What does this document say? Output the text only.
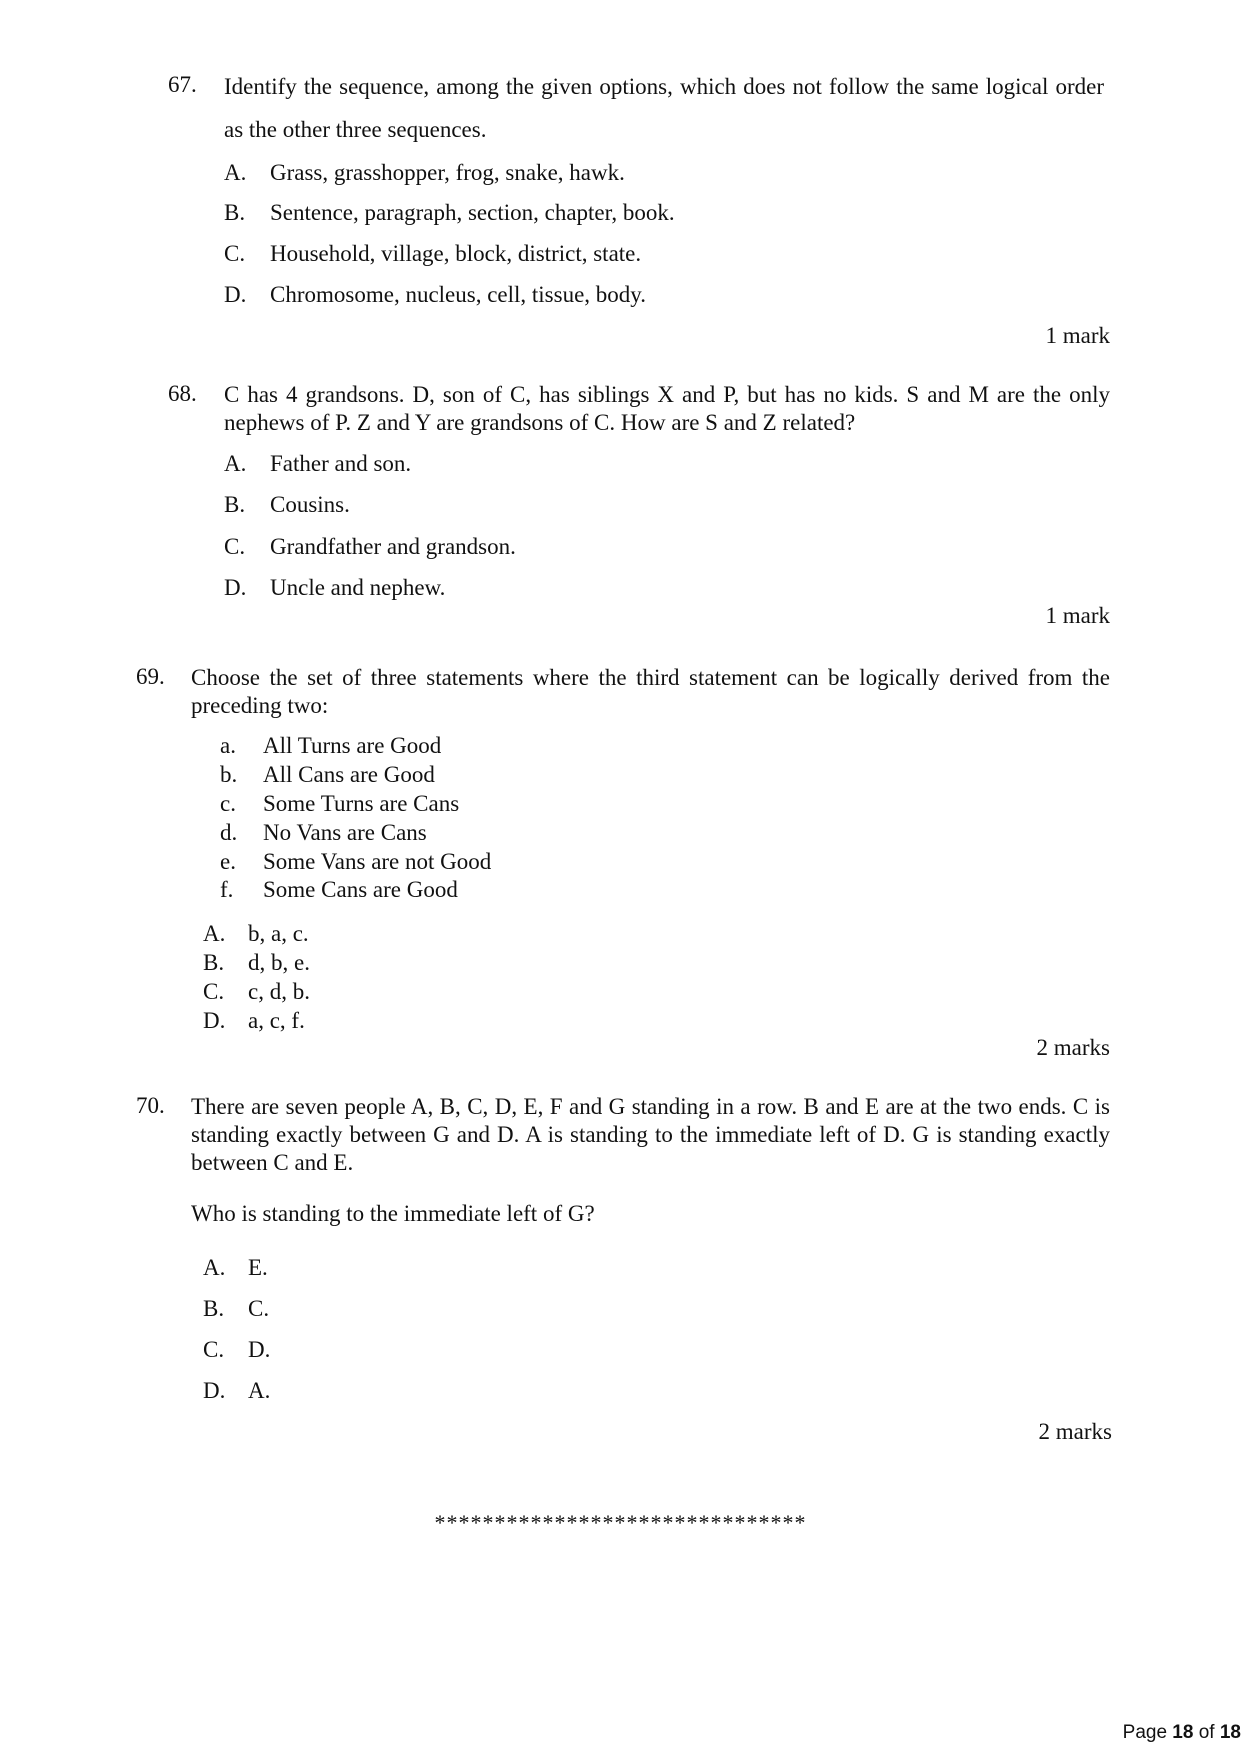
67. Identify the sequence, among the given options, which does not follow the same logical order as the other three sequences.
A. Grass, grasshopper, frog, snake, hawk.
B. Sentence, paragraph, section, chapter, book.
C. Household, village, block, district, state.
D. Chromosome, nucleus, cell, tissue, body.
1 mark
68. C has 4 grandsons. D, son of C, has siblings X and P, but has no kids. S and M are the only nephews of P. Z and Y are grandsons of C. How are S and Z related?
A. Father and son.
B. Cousins.
C. Grandfather and grandson.
D. Uncle and nephew.
1 mark
69. Choose the set of three statements where the third statement can be logically derived from the preceding two:
a. All Turns are Good
b. All Cans are Good
c. Some Turns are Cans
d. No Vans are Cans
e. Some Vans are not Good
f. Some Cans are Good
A. b, a, c.
B. d, b, e.
C. c, d, b.
D. a, c, f.
2 marks
70. There are seven people A, B, C, D, E, F and G standing in a row. B and E are at the two ends. C is standing exactly between G and D. A is standing to the immediate left of D. G is standing exactly between C and E.
Who is standing to the immediate left of G?
A. E.
B. C.
C. D.
D. A.
2 marks
*******************************
Page 18 of 18
